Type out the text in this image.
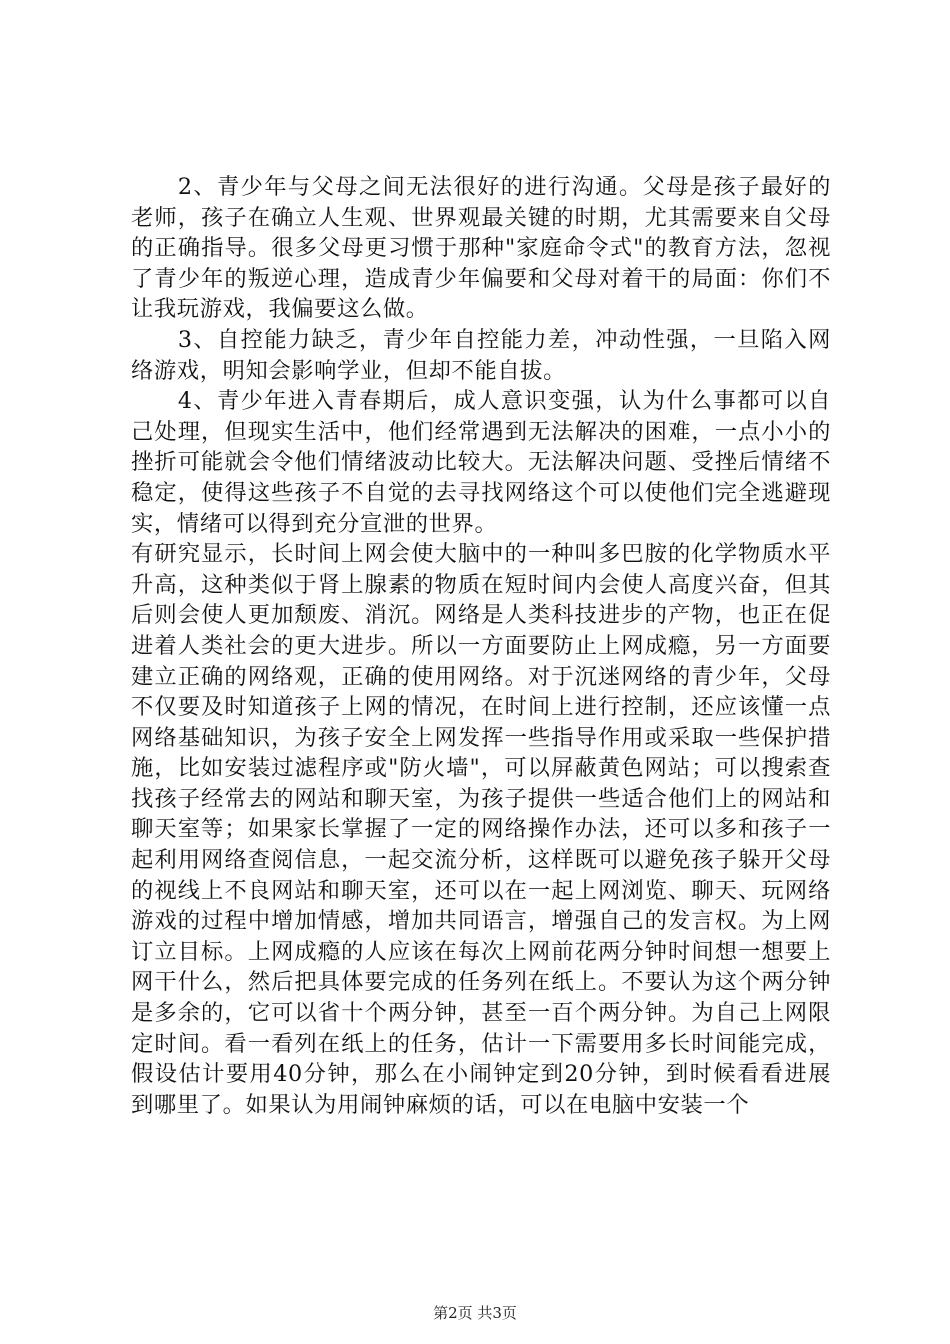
2、青少年与父母之间无法很好的进行沟通。父母是孩子最好的老师，孩子在确立人生观、世界观最关键的时期，尤其需要来自父母的正确指导。很多父母更习惯于那种"家庭命令式"的教育方法，忽视了青少年的叛逆心理，造成青少年偏要和父母对着干的局面：你们不让我玩游戏，我偏要这么做。

3、自控能力缺乏，青少年自控能力差，冲动性强，一旦陷入网络游戏，明知会影响学业，但却不能自拔。

4、青少年进入青春期后，成人意识变强，认为什么事都可以自己处理，但现实生活中，他们经常遇到无法解决的困难，一点小小的挫折可能就会令他们情绪波动比较大。无法解决问题、受挫后情绪不稳定，使得这些孩子不自觉的去寻找网络这个可以使他们完全逃避现实，情绪可以得到充分宣泄的世界。

有研究显示，长时间上网会使大脑中的一种叫多巴胺的化学物质水平升高，这种类似于肾上腺素的物质在短时间内会使人高度兴奋，但其后则会使人更加颓废、消沉。网络是人类科技进步的产物，也正在促进着人类社会的更大进步。所以一方面要防止上网成瘾，另一方面要建立正确的网络观，正确的使用网络。对于沉迷网络的青少年，父母不仅要及时知道孩子上网的情况，在时间上进行控制，还应该懂一点网络基础知识，为孩子安全上网发挥一些指导作用或采取一些保护措施，比如安装过滤程序或"防火墙"，可以屏蔽黄色网站；可以搜索查找孩子经常去的网站和聊天室，为孩子提供一些适合他们上的网站和聊天室等；如果家长掌握了一定的网络操作办法，还可以多和孩子一起利用网络查阅信息，一起交流分析，这样既可以避免孩子躲开父母的视线上不良网站和聊天室，还可以在一起上网浏览、聊天、玩网络游戏的过程中增加情感，增加共同语言，增强自己的发言权。为上网订立目标。上网成瘾的人应该在每次上网前花两分钟时间想一想要上网干什么，然后把具体要完成的任务列在纸上。不要认为这个两分钟是多余的，它可以省十个两分钟，甚至一百个两分钟。为自己上网限定时间。看一看列在纸上的任务，估计一下需要用多长时间能完成，假设估计要用40分钟，那么在小闹钟定到20分钟，到时候看看进展到哪里了。如果认为用闹钟麻烦的话，可以在电脑中安装一个

第2页 共3页
